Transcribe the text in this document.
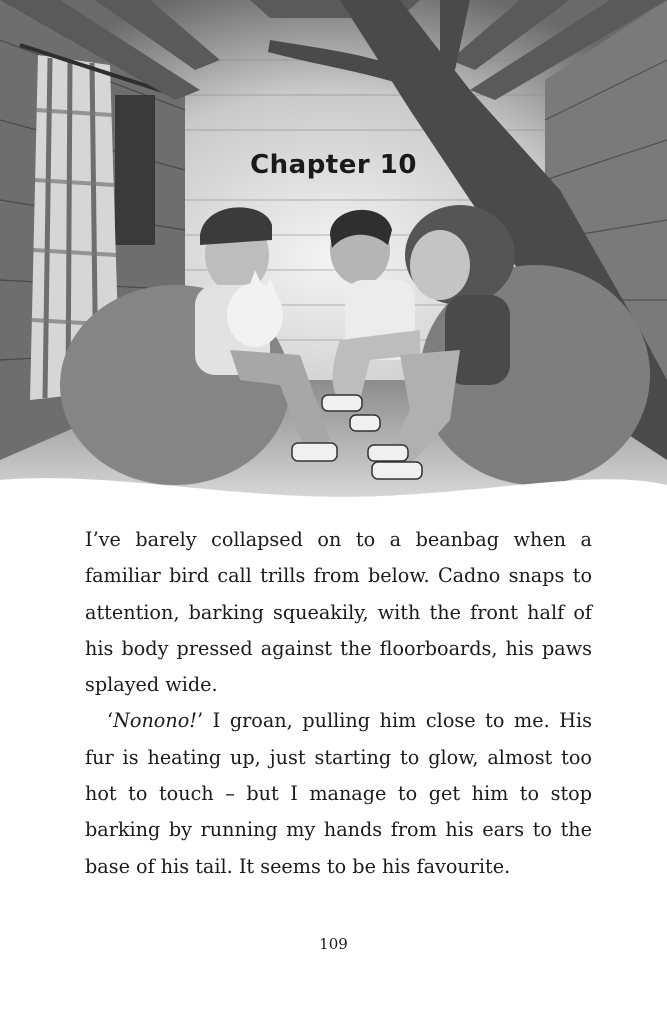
Chapter 10

I’ve barely collapsed on to a beanbag when a familiar bird call trills from below. Cadno snaps to attention, barking squeakily, with the front half of his body pressed against the floorboards, his paws splayed wide.

‘Nonono!’ I groan, pulling him close to me. His fur is heating up, just starting to glow, almost too hot to touch – but I manage to get him to stop barking by running my hands from his ears to the base of his tail. It seems to be his favourite.

109
